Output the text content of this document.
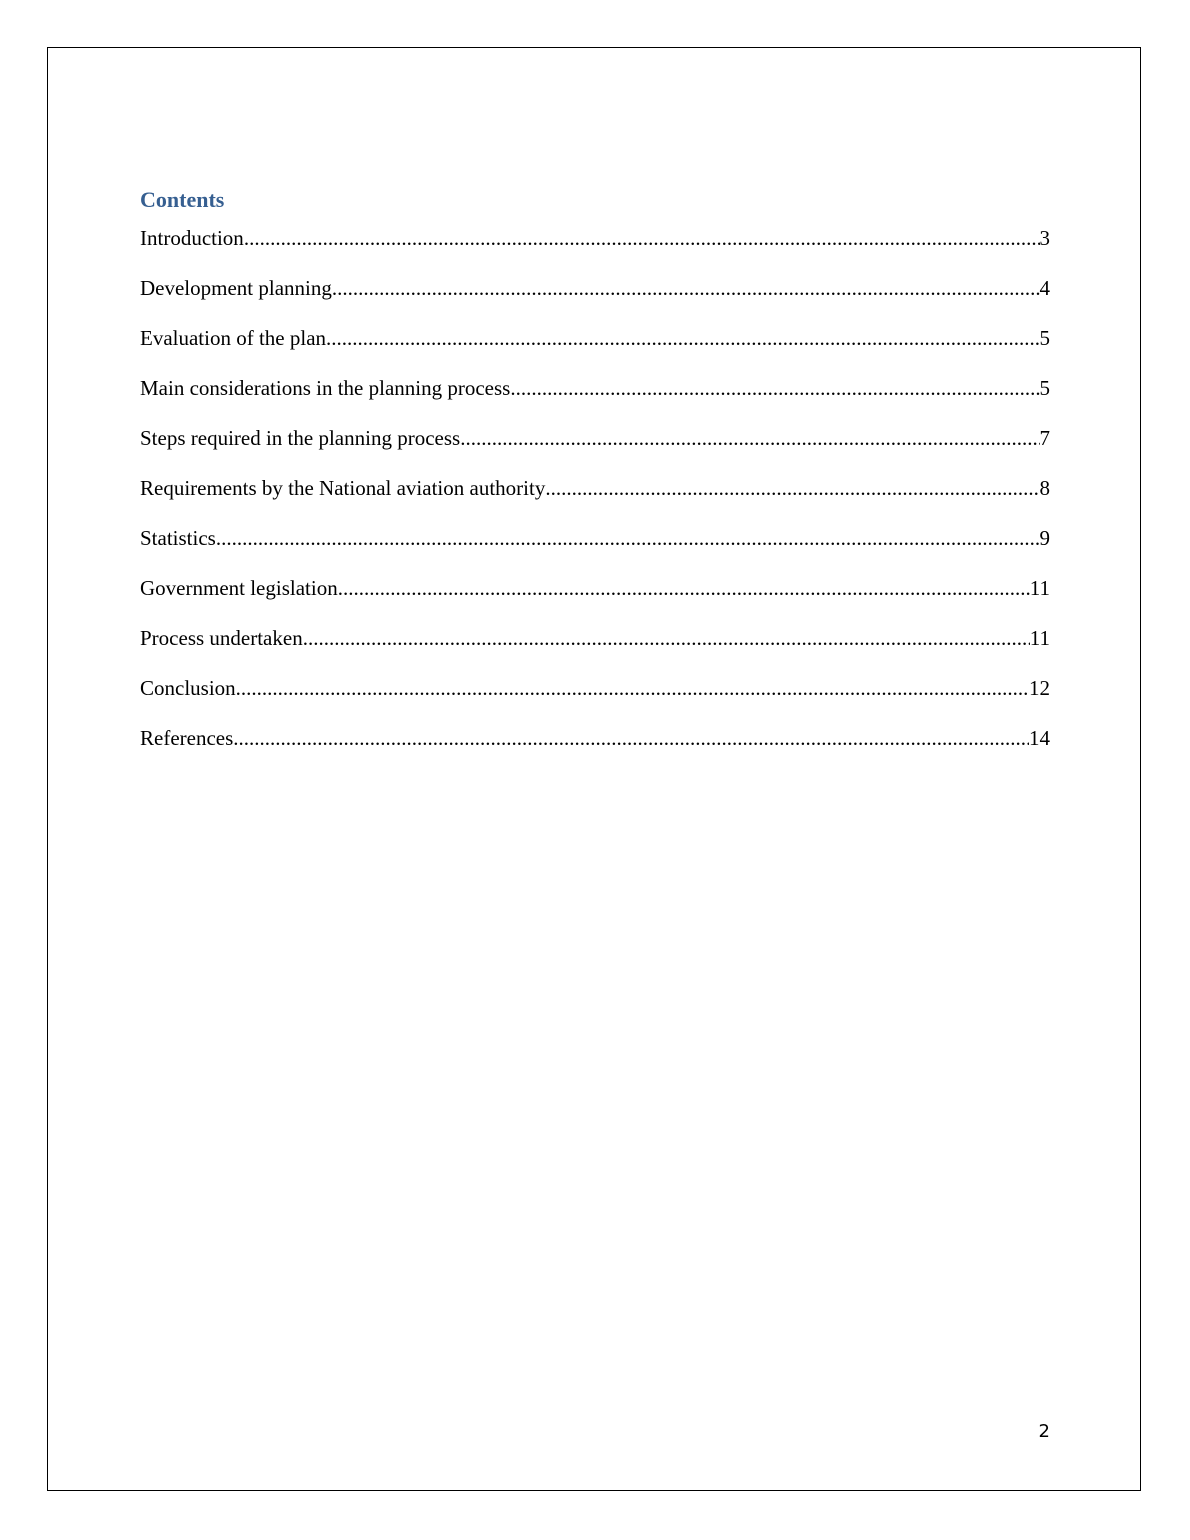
Contents
Introduction .....	3
Development planning .....	4
Evaluation of the plan .....	5
Main considerations in the planning process .....	5
Steps required in the planning process .....	7
Requirements by the National aviation authority .....	8
Statistics .....	9
Government legislation .....	11
Process undertaken .....	11
Conclusion .....	12
References .....	14
2
